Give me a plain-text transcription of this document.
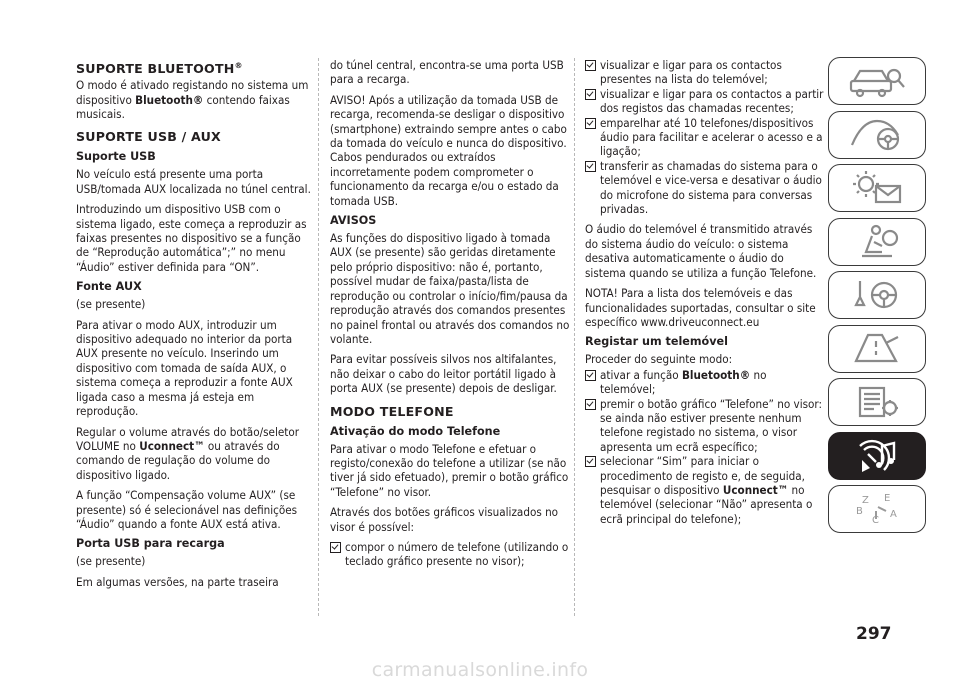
SUPORTE BLUETOOTH®

O modo é ativado registando no sistema um dispositivo Bluetooth® contendo faixas musicais.

SUPORTE USB / AUX
Suporte USB

No veículo está presente uma porta USB/tomada AUX localizada no túnel central.

Introduzindo um dispositivo USB com o sistema ligado, este começa a reproduzir as faixas presentes no dispositivo se a função de “Reprodução automática”;” no menu “Áudio” estiver definida para “ON”.

Fonte AUX

(se presente)

Para ativar o modo AUX, introduzir um dispositivo adequado no interior da porta AUX presente no veículo. Inserindo um dispositivo com tomada de saída AUX, o sistema começa a reproduzir a fonte AUX ligada caso a mesma já esteja em reprodução.

Regular o volume através do botão/seletor VOLUME no Uconnect™ ou através do comando de regulação do volume do dispositivo ligado.

A função “Compensação volume AUX” (se presente) só é selecionável nas definições “Áudio” quando a fonte AUX está ativa.

Porta USB para recarga

(se presente)

Em algumas versões, na parte traseira

do túnel central, encontra-se uma porta USB para a recarga.

AVISO! Após a utilização da tomada USB de recarga, recomenda-se desligar o dispositivo (smartphone) extraindo sempre antes o cabo da tomada do veículo e nunca do dispositivo. Cabos pendurados ou extraídos incorretamente podem comprometer o funcionamento da recarga e/ou o estado da tomada USB.

AVISOS

As funções do dispositivo ligado à tomada AUX (se presente) são geridas diretamente pelo próprio dispositivo: não é, portanto, possível mudar de faixa/pasta/lista de reprodução ou controlar o início/fim/pausa da reprodução através dos comandos presentes no painel frontal ou através dos comandos no volante.

Para evitar possíveis silvos nos altifalantes, não deixar o cabo do leitor portátil ligado à porta AUX (se presente) depois de desligar.

MODO TELEFONE
Ativação do modo Telefone

Para ativar o modo Telefone e efetuar o registo/conexão do telefone a utilizar (se não tiver já sido efetuado), premir o botão gráfico “Telefone” no visor.

Através dos botões gráficos visualizados no visor é possível:

compor o número de telefone (utilizando o teclado gráfico presente no visor);
visualizar e ligar para os contactos presentes na lista do telemóvel;
visualizar e ligar para os contactos a partir dos registos das chamadas recentes;
emparelhar até 10 telefones/dispositivos áudio para facilitar e acelerar o acesso e a ligação;
transferir as chamadas do sistema para o telemóvel e vice-versa e desativar o áudio do microfone do sistema para conversas privadas.

O áudio do telemóvel é transmitido através do sistema áudio do veículo: o sistema desativa automaticamente o áudio do sistema quando se utiliza a função Telefone.

NOTA! Para a lista dos telemóveis e das funcionalidades suportadas, consultar o site específico www.driveuconnect.eu

Registar um telemóvel

Proceder do seguinte modo:

ativar a função Bluetooth® no telemóvel;
premir o botão gráfico “Telefone” no visor: se ainda não estiver presente nenhum telefone registado no sistema, o visor apresenta um ecrã específico;
selecionar “Sim” para iniciar o procedimento de registo e, de seguida, pesquisar o dispositivo Uconnect™ no telemóvel (selecionar “Não” apresenta o ecrã principal do telefone);
Z E
B
C
A
297
carmanualsonline.info
